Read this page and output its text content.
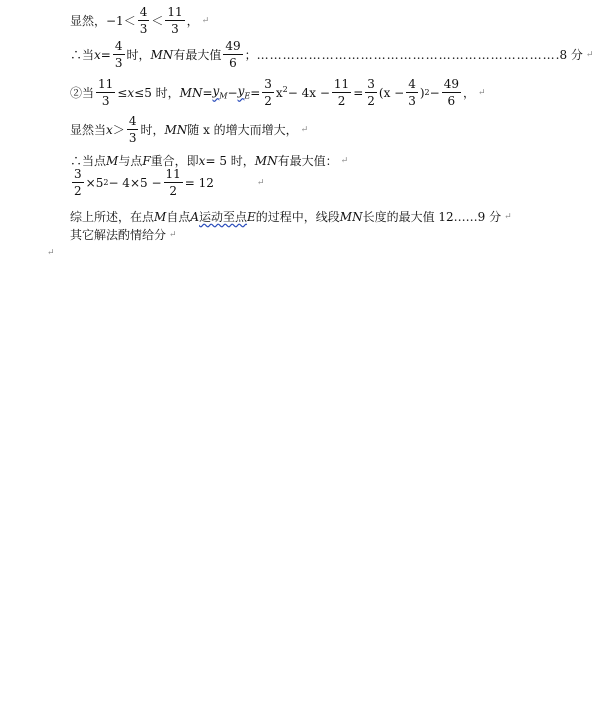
显然，$-1< \frac{4}{3} < \frac{11}{3}$ ， ↵
∴当 $x = \frac{4}{3}$ 时， MN 有最大值 $\frac{49}{6}$ ； …………………………………………………………… .8 分 ↵
②当 $\frac{11}{3} \le x \le 5$ 时， MN = $y_M - y_E = \frac{3}{2} x^2 - 4x - \frac{11}{2} = \frac{3}{2} (x - \frac{4}{3}$ ) $2 - \frac{49}{6}$ ， ↵
显然当 $x > \frac{4}{3}$ 时， MN 随 x 的增大而增大， ↵
∴当点 M 与点 F 重合，即 x = 5 时， MN 有最大值： ↵
$\frac{3}{2} \times 5$ $2 - 4\times 5 - \frac{11}{2} = 12$	↵
综上所述，在点 M 自点 A 运动至点 E 的过程中，线段 MN 长度的最大值 12……9 分 ↵
其它解法酌情给分 ↵
↵
